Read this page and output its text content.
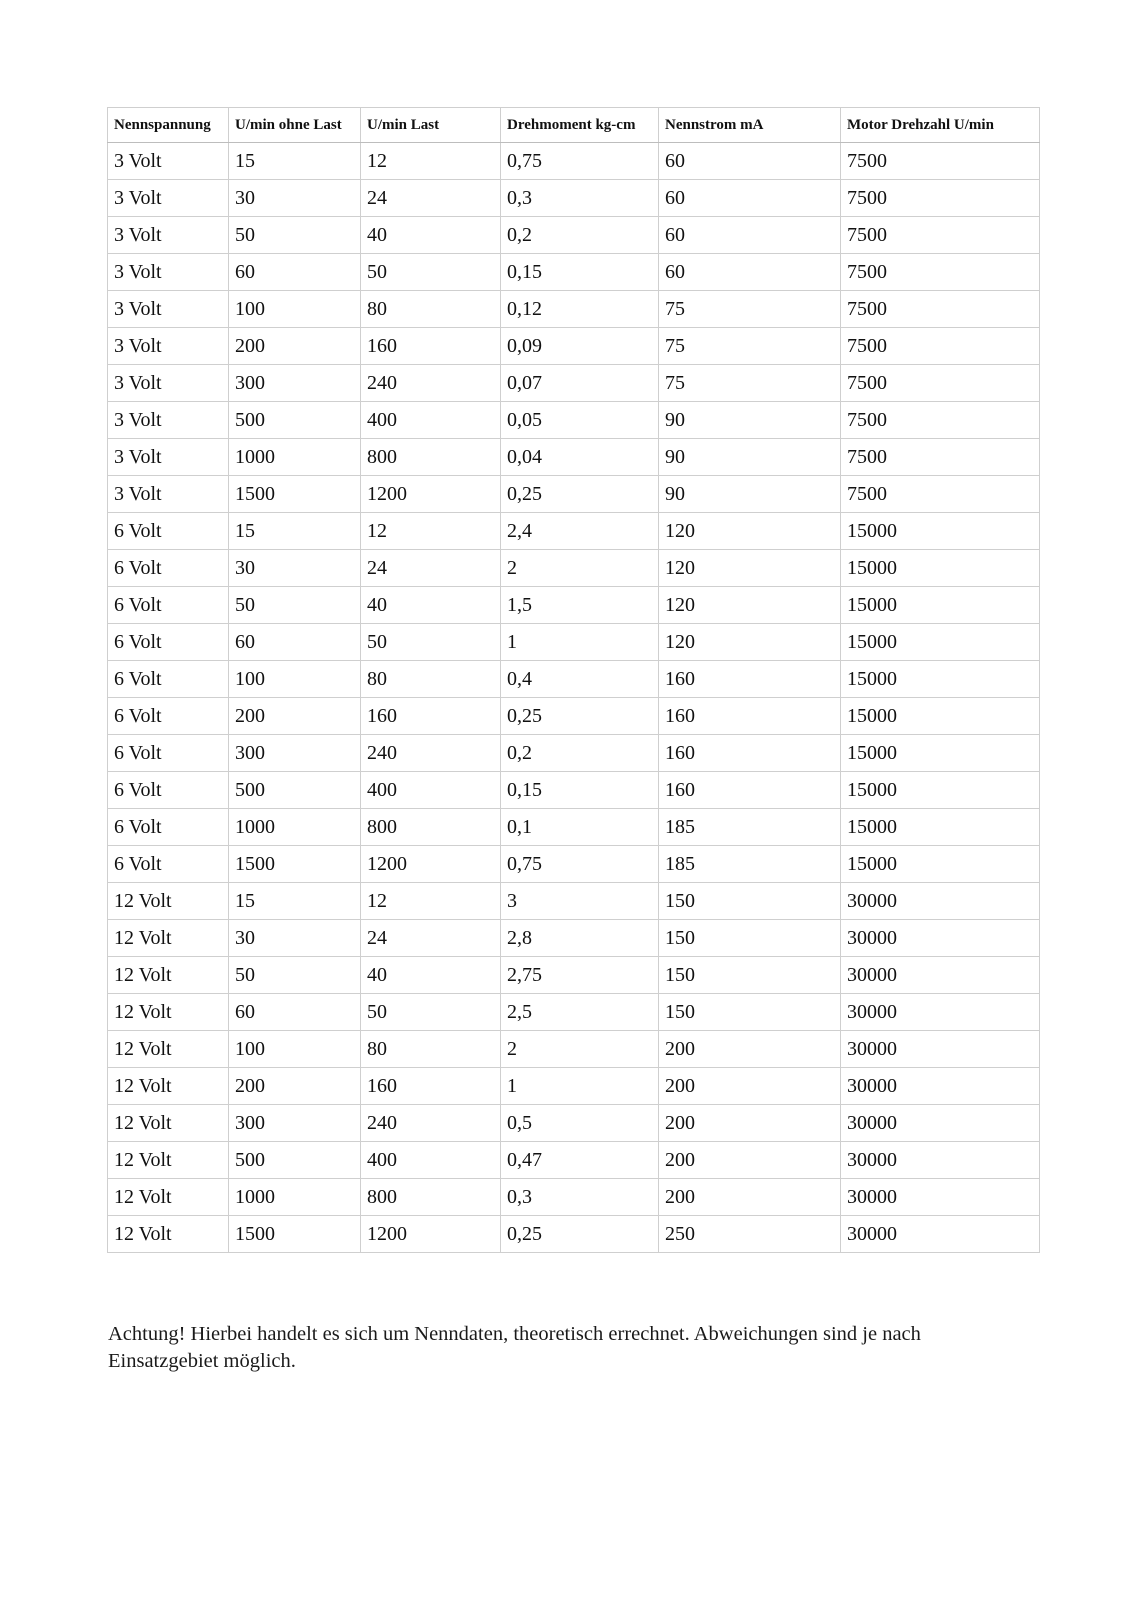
Nennspannung	U/min ohne Last	U/min Last	Drehmoment kg-cm	Nennstrom mA	Motor Drehzahl U/min
3 Volt	15	12	0,75	60	7500
3 Volt	30	24	0,3	60	7500
3 Volt	50	40	0,2	60	7500
3 Volt	60	50	0,15	60	7500
3 Volt	100	80	0,12	75	7500
3 Volt	200	160	0,09	75	7500
3 Volt	300	240	0,07	75	7500
3 Volt	500	400	0,05	90	7500
3 Volt	1000	800	0,04	90	7500
3 Volt	1500	1200	0,25	90	7500
6 Volt	15	12	2,4	120	15000
6 Volt	30	24	2	120	15000
6 Volt	50	40	1,5	120	15000
6 Volt	60	50	1	120	15000
6 Volt	100	80	0,4	160	15000
6 Volt	200	160	0,25	160	15000
6 Volt	300	240	0,2	160	15000
6 Volt	500	400	0,15	160	15000
6 Volt	1000	800	0,1	185	15000
6 Volt	1500	1200	0,75	185	15000
12 Volt	15	12	3	150	30000
12 Volt	30	24	2,8	150	30000
12 Volt	50	40	2,75	150	30000
12 Volt	60	50	2,5	150	30000
12 Volt	100	80	2	200	30000
12 Volt	200	160	1	200	30000
12 Volt	300	240	0,5	200	30000
12 Volt	500	400	0,47	200	30000
12 Volt	1000	800	0,3	200	30000
12 Volt	1500	1200	0,25	250	30000
Achtung! Hierbei handelt es sich um Nenndaten, theoretisch errechnet. Abweichungen sind je nach
Einsatzgebiet möglich.
